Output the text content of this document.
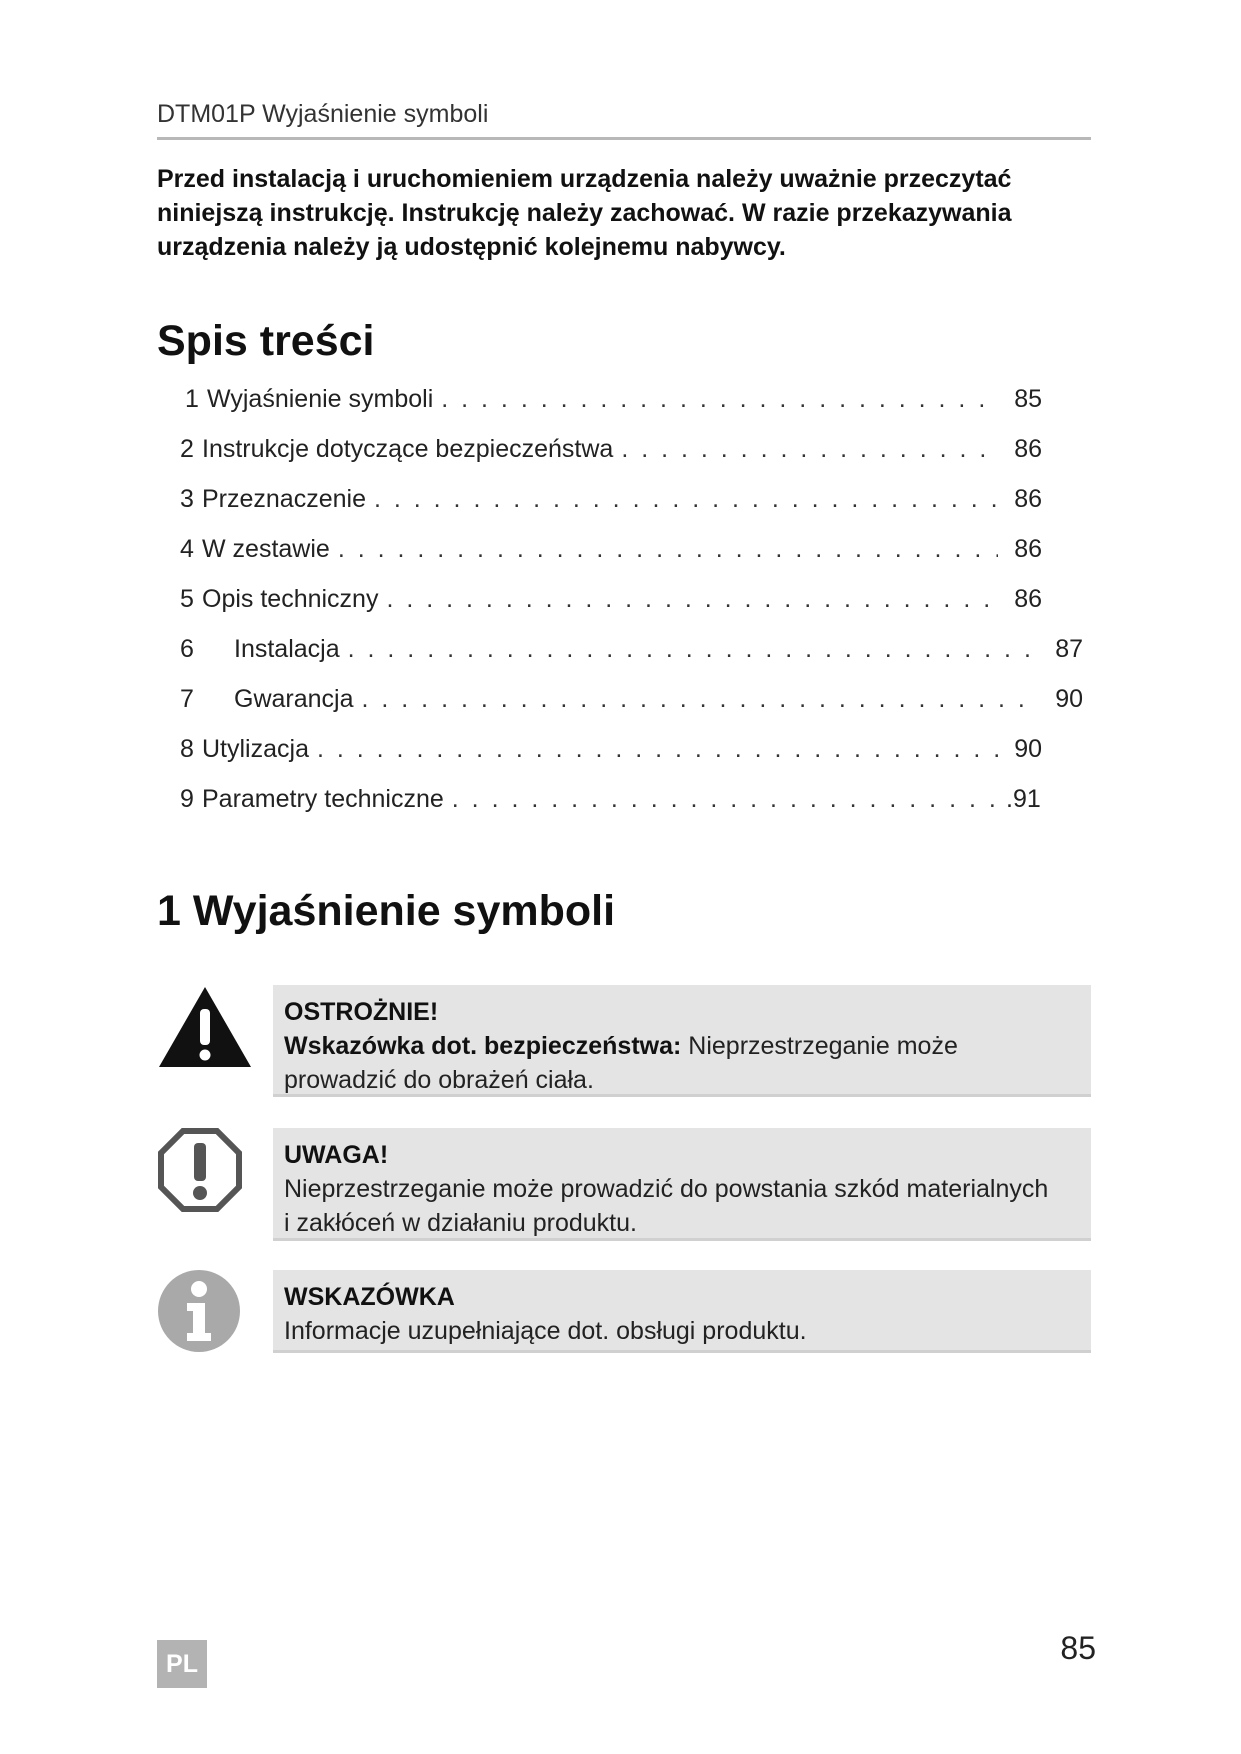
DTM01P Wyjaśnienie symboli
Przed instalacją i uruchomieniem urządzenia należy uważnie przeczytać
niniejszą instrukcję. Instrukcję należy zachować. W razie przekazywania
urządzenia należy ją udostępnić kolejnemu nabywcy.
Spis treści
1 Wyjaśnienie symboli . . .	85
2 Instrukcje dotyczące bezpieczeństwa . . .	86
3 Przeznaczenie . . .	86
4 W zestawie . . .	86
5 Opis techniczny . . .	86
6	Instalacja . . .	87
7	Gwarancja . . .	90
8 Utylizacja . . .	90
9 Parametry techniczne . . .	.91
1 Wyjaśnienie symboli
OSTROŻNIE!
Wskazówka dot. bezpieczeństwa: Nieprzestrzeganie może
prowadzić do obrażeń ciała.
UWAGA!
Nieprzestrzeganie może prowadzić do powstania szkód materialnych
i zakłóceń w działaniu produktu.
WSKAZÓWKA
Informacje uzupełniające dot. obsługi produktu.
PL	85
